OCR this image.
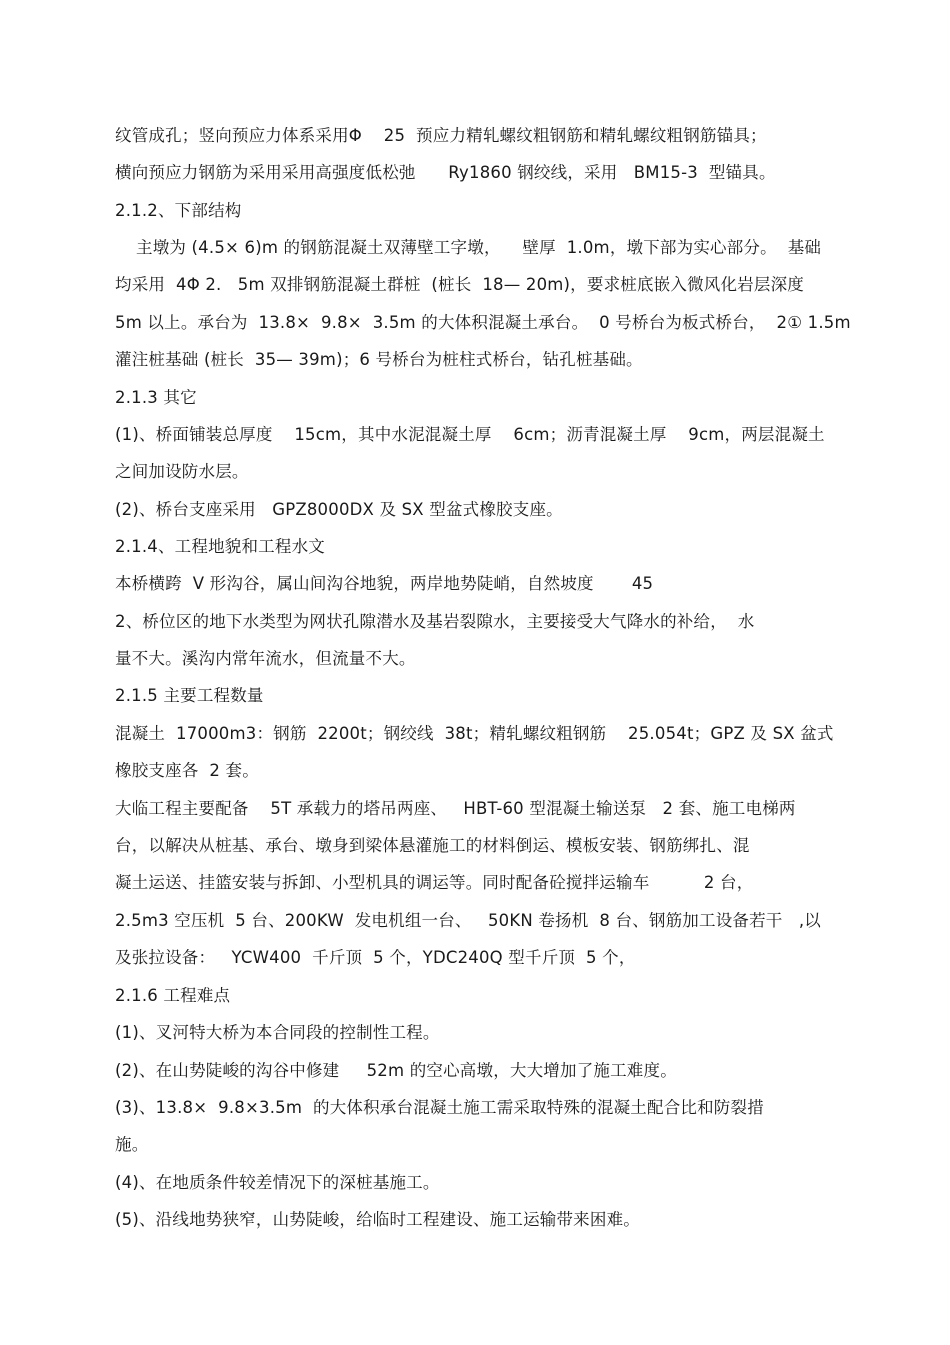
纹管成孔；竖向预应力体系采用Φ    25  预应力精轧螺纹粗钢筋和精轧螺纹粗钢筋锚具；
横向预应力钢筋为采用采用高强度低松弛      Ry1860 钢绞线，采用   BM15-3  型锚具。
2.1.2、下部结构
主墩为 (4.5× 6)m 的钢筋混凝土双薄壁工字墩，    壁厚  1.0m，墩下部为实心部分。  基础
均采用  4Φ 2.   5m 双排钢筋混凝土群桩  (桩长  18— 20m)，要求桩底嵌入微风化岩层深度
5m 以上。承台为  13.8×  9.8×  3.5m 的大体积混凝土承台。  0 号桥台为板式桥台，  2① 1.5m
灌注桩基础 (桩长  35— 39m)；6 号桥台为桩柱式桥台，钻孔桩基础。
2.1.3 其它
(1)、桥面铺装总厚度    15cm，其中水泥混凝土厚    6cm；沥青混凝土厚    9cm，两层混凝土
之间加设防水层。
(2)、桥台支座采用   GPZ8000DX 及 SX 型盆式橡胶支座。
2.1.4、工程地貌和工程水文
本桥横跨  V 形沟谷，属山间沟谷地貌，两岸地势陡峭，自然坡度       45
2、桥位区的地下水类型为网状孔隙潜水及基岩裂隙水，主要接受大气降水的补给，  水
量不大。溪沟内常年流水，但流量不大。
2.1.5 主要工程数量
混凝土  17000m3：钢筋  2200t；钢绞线  38t；精轧螺纹粗钢筋    25.054t；GPZ 及 SX 盆式
橡胶支座各  2 套。
大临工程主要配备    5T 承载力的塔吊两座、   HBT-60 型混凝土输送泵   2 套、施工电梯两
台，以解决从桩基、承台、墩身到梁体悬灌施工的材料倒运、模板安装、钢筋绑扎、混
凝土运送、挂篮安装与拆卸、小型机具的调运等。同时配备砼搅拌运输车          2 台，
2.5m3 空压机  5 台、200KW  发电机组一台、   50KN 卷扬机  8 台、钢筋加工设备若干   ,以
及张拉设备：   YCW400  千斤顶  5 个，YDC240Q 型千斤顶  5 个，
2.1.6 工程难点
(1)、叉河特大桥为本合同段的控制性工程。
(2)、在山势陡峻的沟谷中修建     52m 的空心高墩，大大增加了施工难度。
(3)、13.8×  9.8×3.5m  的大体积承台混凝土施工需采取特殊的混凝土配合比和防裂措
施。
(4)、在地质条件较差情况下的深桩基施工。
(5)、沿线地势狭窄，山势陡峻，给临时工程建设、施工运输带来困难。
